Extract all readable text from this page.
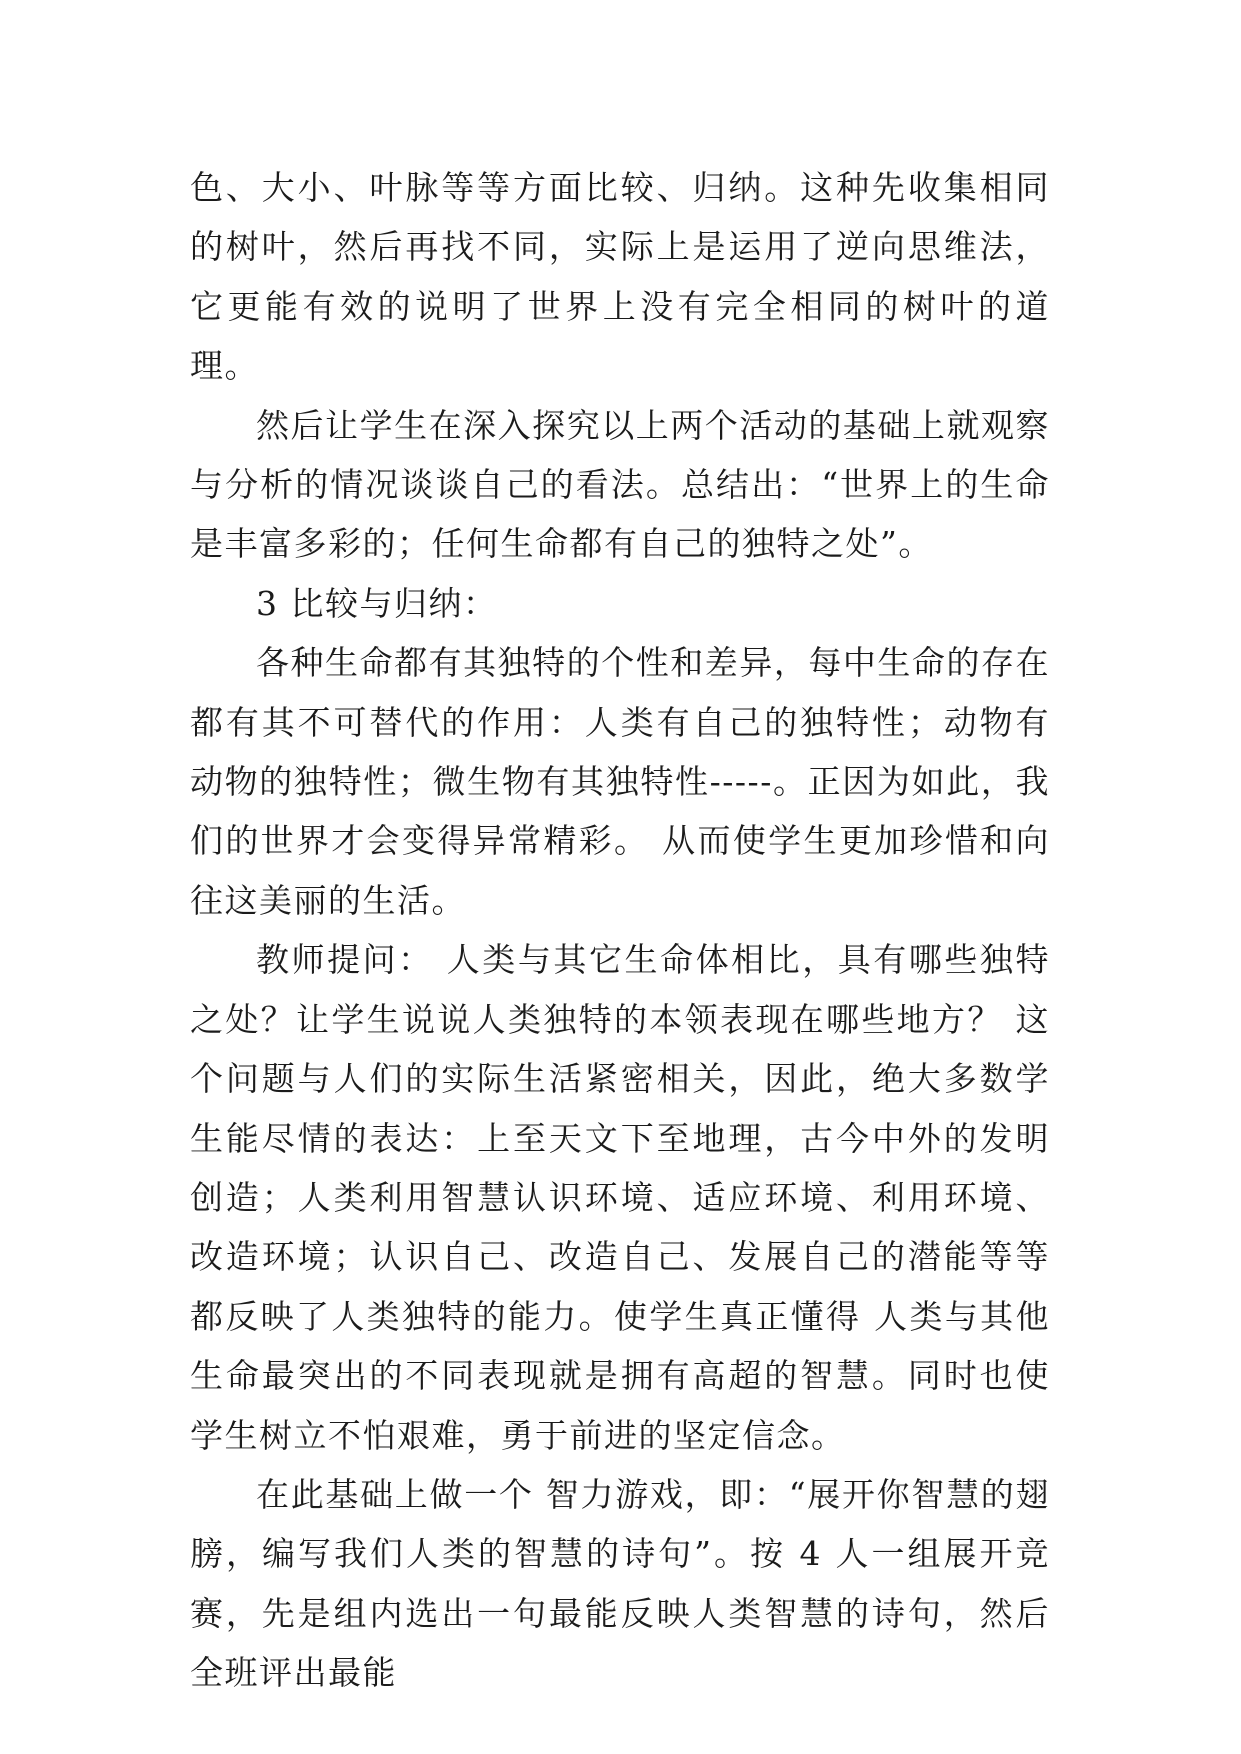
色、大小、叶脉等等方面比较、归纳。这种先收集相同的树叶，然后再找不同，实际上是运用了逆向思维法，它更能有效的说明了世界上没有完全相同的树叶的道理。

然后让学生在深入探究以上两个活动的基础上就观察与分析的情况谈谈自己的看法。总结出：“世界上的生命是丰富多彩的；任何生命都有自己的独特之处”。

3 比较与归纳：

各种生命都有其独特的个性和差异，每中生命的存在都有其不可替代的作用：人类有自己的独特性；动物有动物的独特性；微生物有其独特性-----。正因为如此，我们的世界才会变得异常精彩。 从而使学生更加珍惜和向往这美丽的生活。

教师提问： 人类与其它生命体相比，具有哪些独特之处？让学生说说人类独特的本领表现在哪些地方？ 这个问题与人们的实际生活紧密相关，因此，绝大多数学生能尽情的表达：上至天文下至地理，古今中外的发明创造；人类利用智慧认识环境、适应环境、利用环境、改造环境；认识自己、改造自己、发展自己的潜能等等都反映了人类独特的能力。使学生真正懂得 人类与其他生命最突出的不同表现就是拥有高超的智慧。同时也使学生树立不怕艰难，勇于前进的坚定信念。

在此基础上做一个 智力游戏，即：“展开你智慧的翅膀，编写我们人类的智慧的诗句”。按 4 人一组展开竞赛，先是组内选出一句最能反映人类智慧的诗句，然后全班评出最能
